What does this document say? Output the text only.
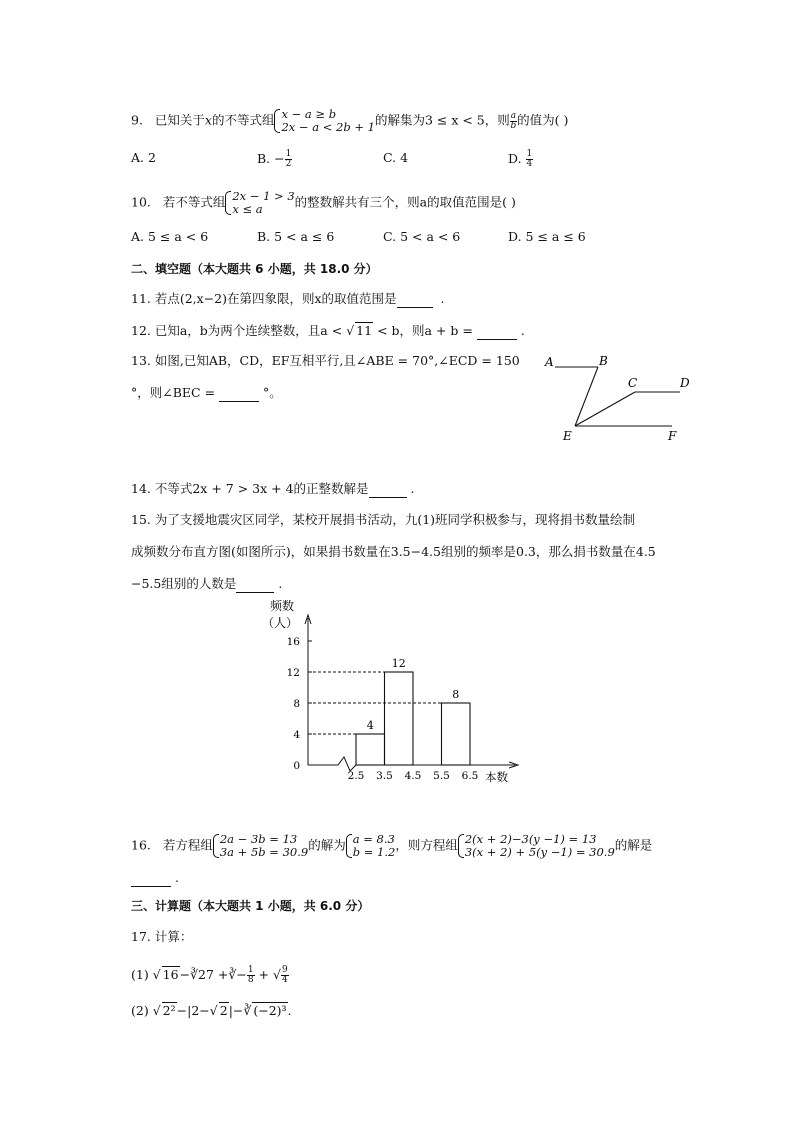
9. 已知关于x的不等式组 x − a ≥ b
2x − a < 2b + 1 的解集为3 ≤ x < 5，则 $\frac{a}{b}$ 的值为( )
A. 2	B. − $\frac{1}{2}$	C. 4	D. $\frac{1}{4}$
10. 若不等式组 2x − 1 > 3
x ≤ a	的整数解共有三个，则a的取值范围是( )
A. 5 ≤ a < 6	B. 5 < a ≤ 6	C. 5 < a < 6	D. 5 ≤ a ≤ 6
二、填空题（本大题共 6 小题，共 18.0 分）
11. 若点(2,x−2)在第四象限，则x的取值范围是	.
12. 已知a，b为两个连续整数，且a < √ 11 < b，则a + b =	.
13. 如图,已知AB，CD，EF互相平行,且∠ABE = 70°,∠ECD = 150
°，则∠BEC =	°。
A	B
C	D
E	F
14. 不等式2x + 7 > 3x + 4的正整数解是	.
15. 为了支援地震灾区同学，某校开展捐书活动，九(1)班同学积极参与，现将捐书数量绘制
成频数分布直方图(如图所示)，如果捐书数量在3.5−4.5组别的频率是0.3，那么捐书数量在4.5
−5.5组别的人数是	.
频数
（人）
本数
0
4
8
12
16
2.5 3.5 4.5 5.5 6.5
4
12
8
16. 若方程组 2a − 3b = 13
3a + 5b = 30.9 的解为 a = 8.3
b = 1.2 ，则方程组 2(x + 2)−3(y −1) = 13
3(x + 2) + 5(y −1) = 30.9 的解是
.
三、计算题（本大题共 1 小题，共 6.0 分）
17. 计算：
(1) √ 16−∛27 +∛− $\frac{1}{8}$ + √ $\frac{9}{4}$
(2) √ 2²−|2−√ 2|−∛ (−2)³.
